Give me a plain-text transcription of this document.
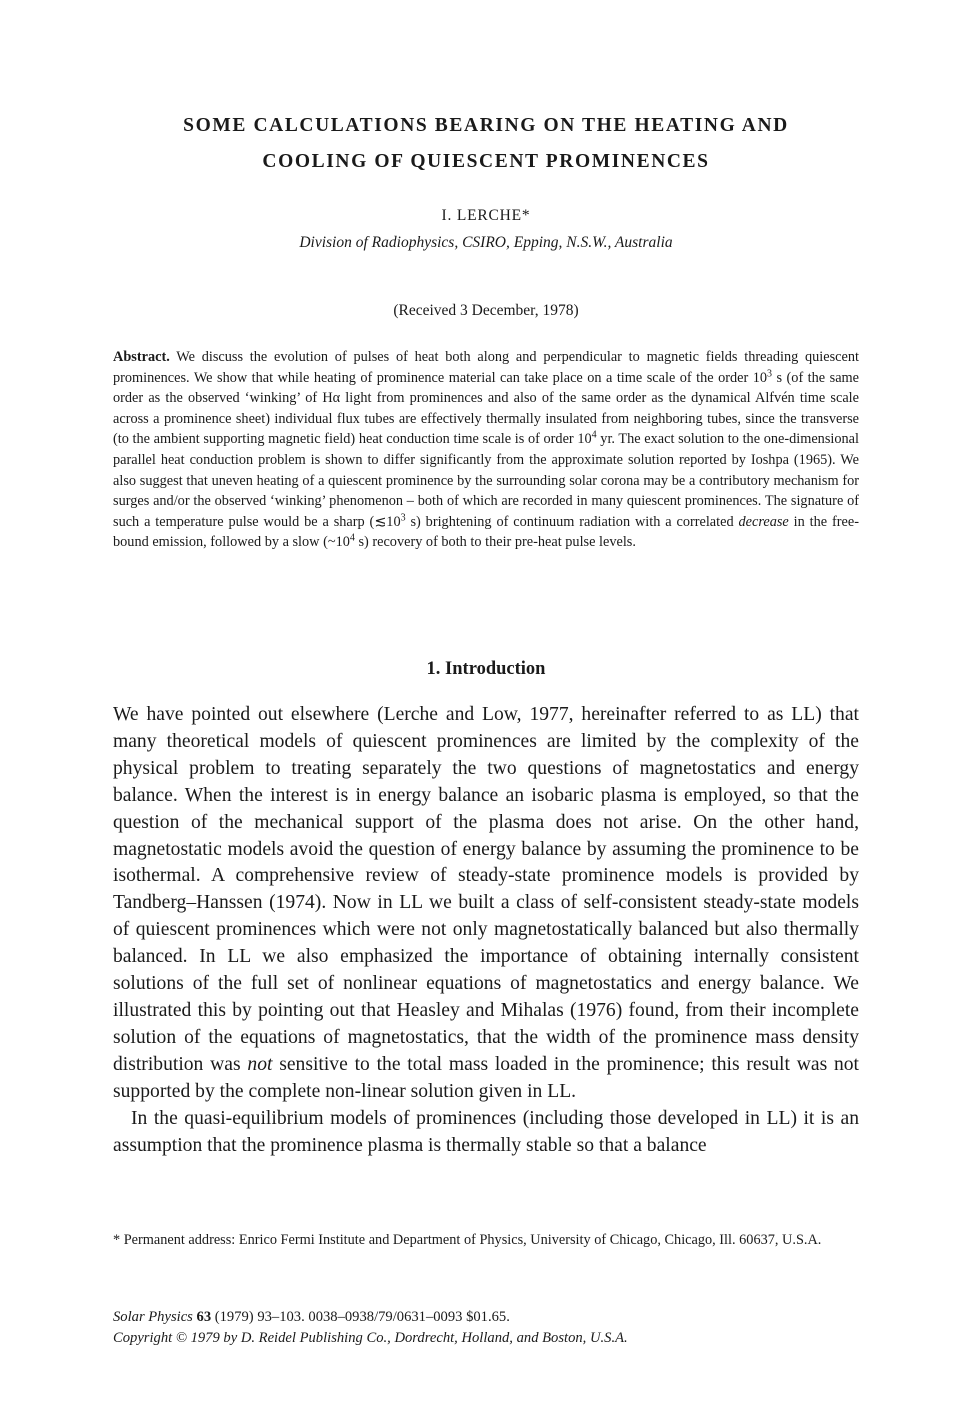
SOME CALCULATIONS BEARING ON THE HEATING AND
COOLING OF QUIESCENT PROMINENCES
I. LERCHE*
Division of Radiophysics, CSIRO, Epping, N.S.W., Australia
(Received 3 December, 1978)
Abstract. We discuss the evolution of pulses of heat both along and perpendicular to magnetic fields threading quiescent prominences. We show that while heating of prominence material can take place on a time scale of the order $10^3$ s (of the same order as the observed ‘winking’ of Hα light from prominences and also of the same order as the dynamical Alfvén time scale across a prominence sheet) individual flux tubes are effectively thermally insulated from neighboring tubes, since the transverse (to the ambient supporting magnetic field) heat conduction time scale is of order $10^4$ yr. The exact solution to the one-dimensional parallel heat conduction problem is shown to differ significantly from the approximate solution reported by Ioshpa (1965). We also suggest that uneven heating of a quiescent prominence by the surrounding solar corona may be a contributory mechanism for surges and/or the observed ‘winking’ phenomenon – both of which are recorded in many quiescent prominences. The signature of such a temperature pulse would be a sharp ($≲10^3$ s) brightening of continuum radiation with a correlated decrease in the free-bound emission, followed by a slow ($\sim 10^4$ s) recovery of both to their pre-heat pulse levels.
1. Introduction

We have pointed out elsewhere (Lerche and Low, 1977, hereinafter referred to as LL) that many theoretical models of quiescent prominences are limited by the complexity of the physical problem to treating separately the two questions of magnetostatics and energy balance. When the interest is in energy balance an isobaric plasma is employed, so that the question of the mechanical support of the plasma does not arise. On the other hand, magnetostatic models avoid the question of energy balance by assuming the prominence to be isothermal. A comprehensive review of steady-state prominence models is provided by Tandberg–Hanssen (1974). Now in LL we built a class of self-consistent steady-state models of quiescent prominences which were not only magnetostatically balanced but also thermally balanced. In LL we also emphasized the importance of obtaining internally consistent solutions of the full set of nonlinear equations of magnetostatics and energy balance. We illustrated this by pointing out that Heasley and Mihalas (1976) found, from their incomplete solution of the equations of magnetostatics, that the width of the prominence mass density distribution was not sensitive to the total mass loaded in the prominence; this result was not supported by the complete non-linear solution given in LL.

In the quasi-equilibrium models of prominences (including those developed in LL) it is an assumption that the prominence plasma is thermally stable so that a balance

* Permanent address: Enrico Fermi Institute and Department of Physics, University of Chicago, Chicago, Ill. 60637, U.S.A.
Solar Physics 63 (1979) 93–103. 0038–0938/79/0631–0093 $01.65.
Copyright © 1979 by D. Reidel Publishing Co., Dordrecht, Holland, and Boston, U.S.A.
